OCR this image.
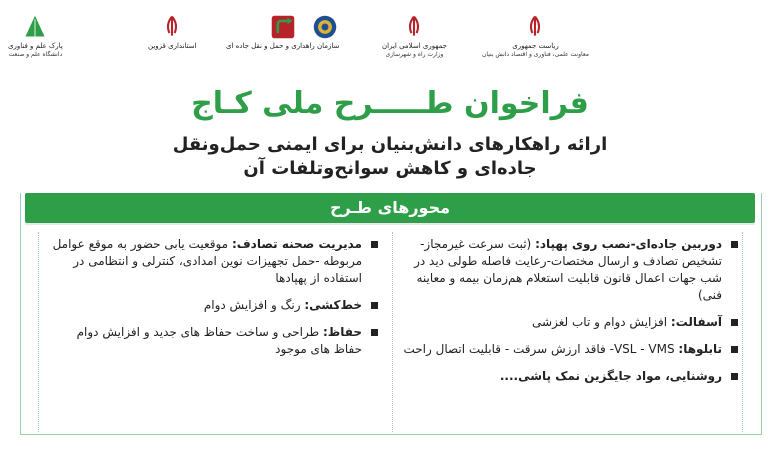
پارک علم و فناوری
دانشگاه علم و صنعت
استانداری قزوین	سازمان راهداری و حمل و نقل جاده ای	جمهوری اسلامی ایران
وزارت راه و شهرسازی
ریاست جمهوری
معاونت علمی، فناوری و اقتصاد دانش بنیان
فراخوان طـــــرح ملی کـاج
ارائه راهکارهای دانش‌بنیان برای ایمنی حمل‌ونقل
جاده‌ای و کاهش سوانح‌وتلفات آن
محورهای طـرح
دوربین جاده‌ای-نصب روی پهپاد: (ثبت سرعت غیرمجاز-تشخیص تصادف و ارسال مختصات-رعایت فاصله طولی دید در شب جهات اعمال قانون قابلیت استعلام هم‌زمان بیمه و معاینه فنی)
آسفالت: افزایش دوام و تاب لغزشی
تابلوها: VSL - VMS- فاقد ارزش سرقت - قابلیت اتصال راحت
روشنایی، مواد جایگزین نمک پاشی....
مدیریت صحنه تصادف: موقعیت یابی حضور به موقع عوامل مربوطه -حمل تجهیزات نوین امدادی، کنترلی و انتظامی در استفاده از پهپادها
خط‌کشی: رنگ و افزایش دوام
حفاظ: طراحی و ساخت حفاظ های جدید و افزایش دوام حفاظ های موجود
